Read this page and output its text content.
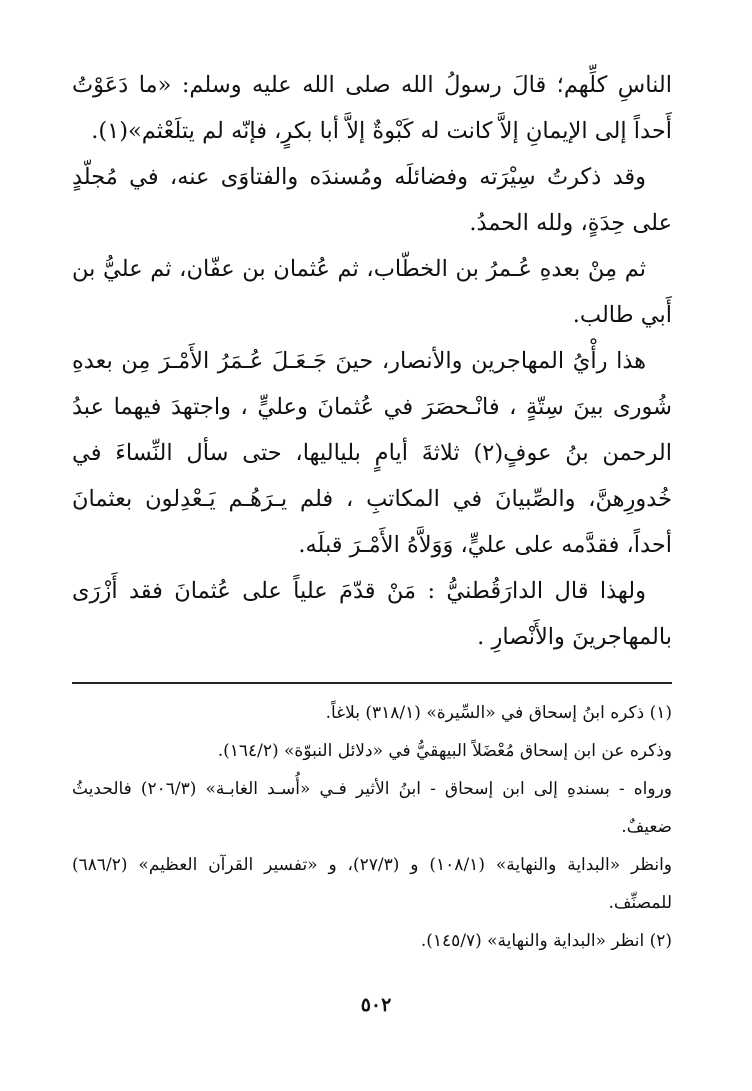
الناسِ كلِّهم؛ قالَ رسولُ الله صلى الله عليه وسلم: «ما دَعَوْتُ أَحداً إلى الإيمانِ إلاَّ كانت له كَبْوةٌ إلاَّ أبا بكرٍ، فإنّه لم يتلَعْثم»(١).

وقد ذكرتُ سِيْرَته وفضائلَه ومُسندَه والفتاوَى عنه، في مُجلّدٍ على حِدَةٍ، ولله الحمدُ.

ثم مِنْ بعدهِ عُـمرُ بن الخطّاب، ثم عُثمان بن عفّان، ثم عليُّ بن أَبي طالب.

هذا رأْيُ المهاجرين والأنصار، حينَ جَـعَـلَ عُـمَرُ الأَمْـرَ مِن بعدهِ شُورى بينَ سِتّةٍ ، فانْـحصَرَ في عُثمانَ وعليٍّ ، واجتهدَ فيهما عبدُ الرحمن بنُ عوفٍ(٢) ثلاثةَ أيامٍ بلياليها، حتى سأل النِّساءَ في خُدورِهنَّ، والصِّبيانَ في المكاتبِ ، فلم يـرَهُـم يَـعْدِلون بعثمانَ أحداً، فقدَّمه على عليٍّ، وَوَلاَّهُ الأَمْـرَ قبلَه.

ولهذا قال الدارَقُطنيُّ : مَنْ قدّمَ علياً على عُثمانَ فقد أَزْرَى بالمهاجرينَ والأَنْصارِ .

(١) ذكره ابنُ إسحاق في «السِّيرة» (٣١٨/١) بلاغاً.

وذكره عن ابن إسحاق مُعْضَلاً البيهقيُّ في «دلائل النبوّة» (١٦٤/٢).

ورواه - بسندهِ إلى ابن إسحاق - ابنُ الأثير فـي «أُسـد الغابـة» (٢٠٦/٣) فالحديثُ ضعيفٌ.

وانظر «البداية والنهاية» (١٠٨/١) و (٢٧/٣)، و «تفسير القرآن العظيم» (٦٨٦/٢) للمصنِّف.

(٢) انظر «البداية والنهاية» (١٤٥/٧).

٥٠٢
